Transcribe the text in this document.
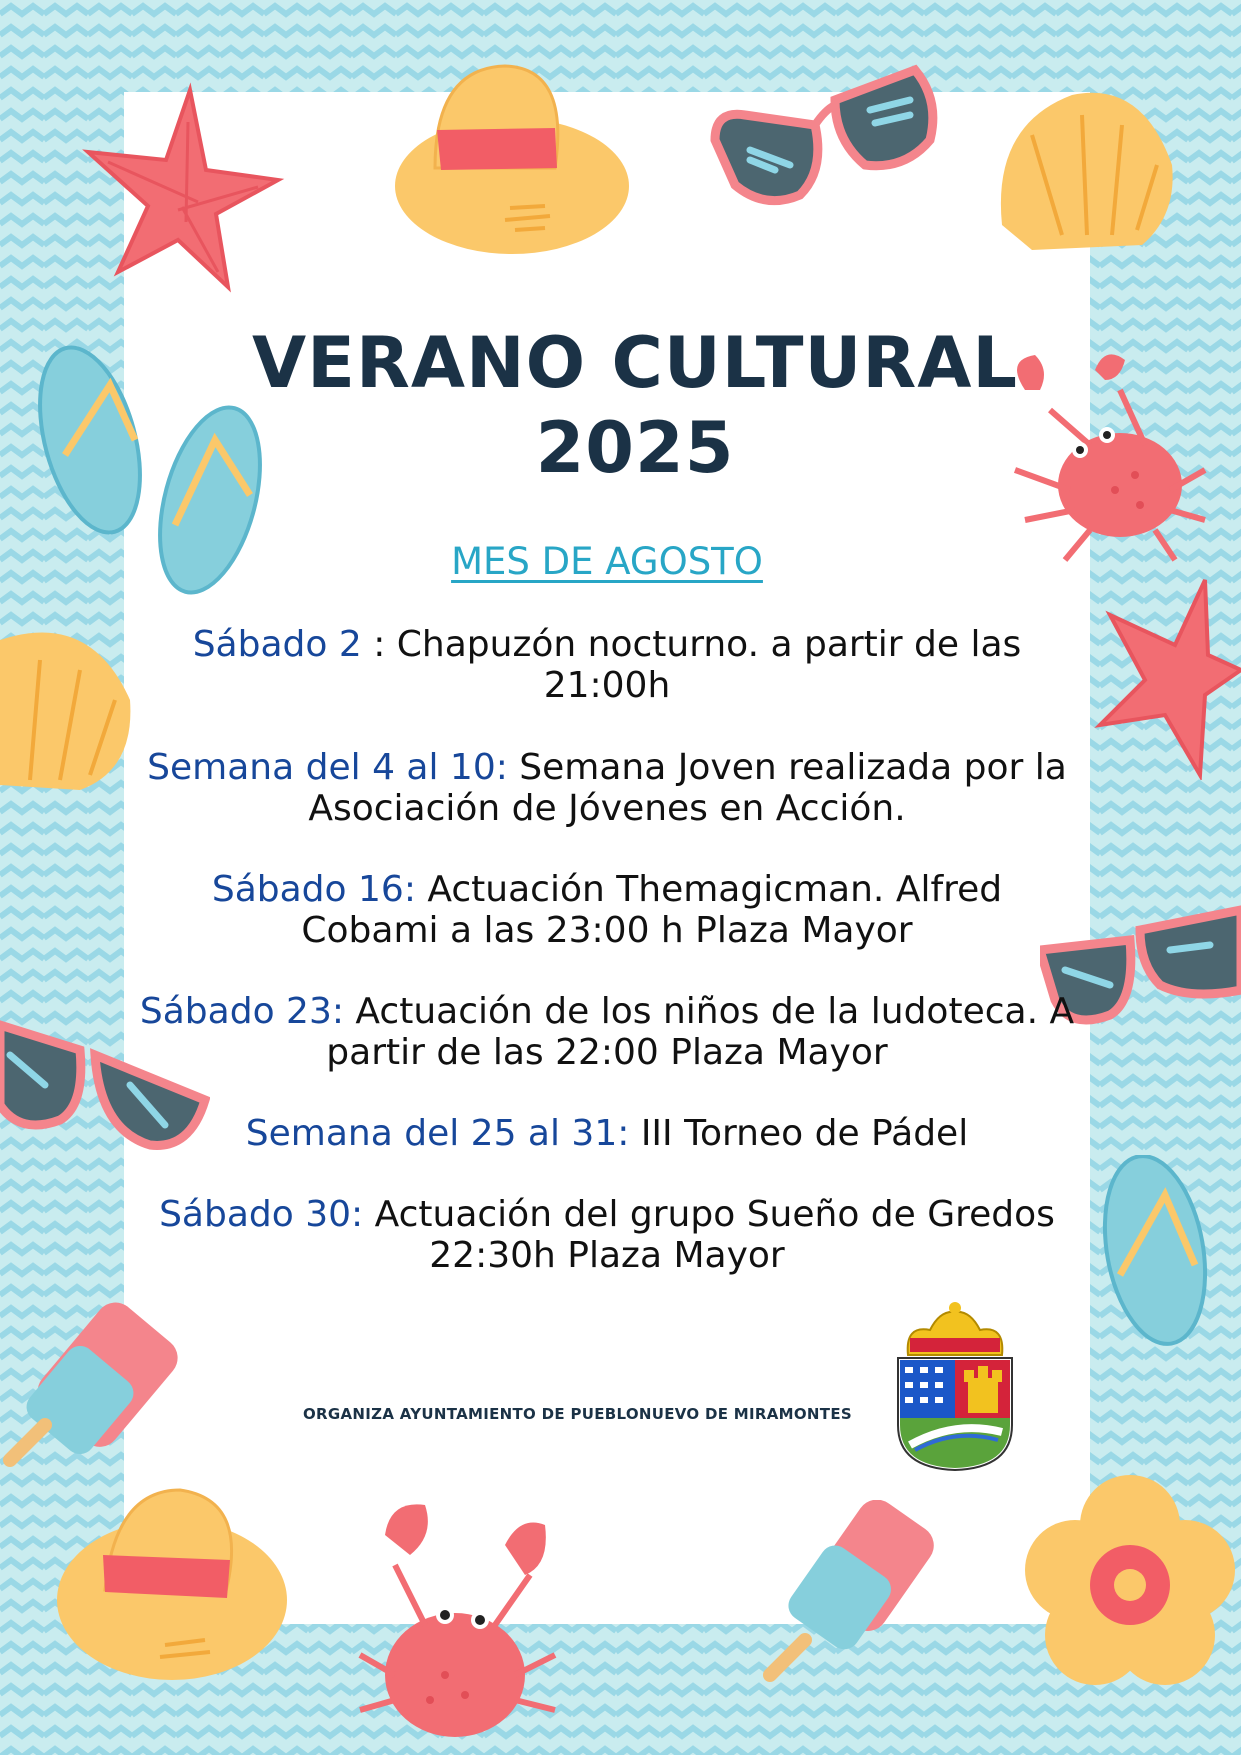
VERANO CULTURAL
2025
MES DE AGOSTO
Sábado 2 : Chapuzón nocturno. a partir de las 21:00h
Semana del 4 al 10: Semana Joven realizada por la Asociación de Jóvenes en Acción.
Sábado 16: Actuación Themagicman. Alfred Cobami a las 23:00 h Plaza Mayor
Sábado 23: Actuación de los niños de la ludoteca. A partir de las 22:00 Plaza Mayor
Semana del 25 al 31: III Torneo de Pádel
Sábado 30: Actuación del grupo Sueño de Gredos 22:30h Plaza Mayor
ORGANIZA AYUNTAMIENTO DE PUEBLONUEVO DE MIRAMONTES
